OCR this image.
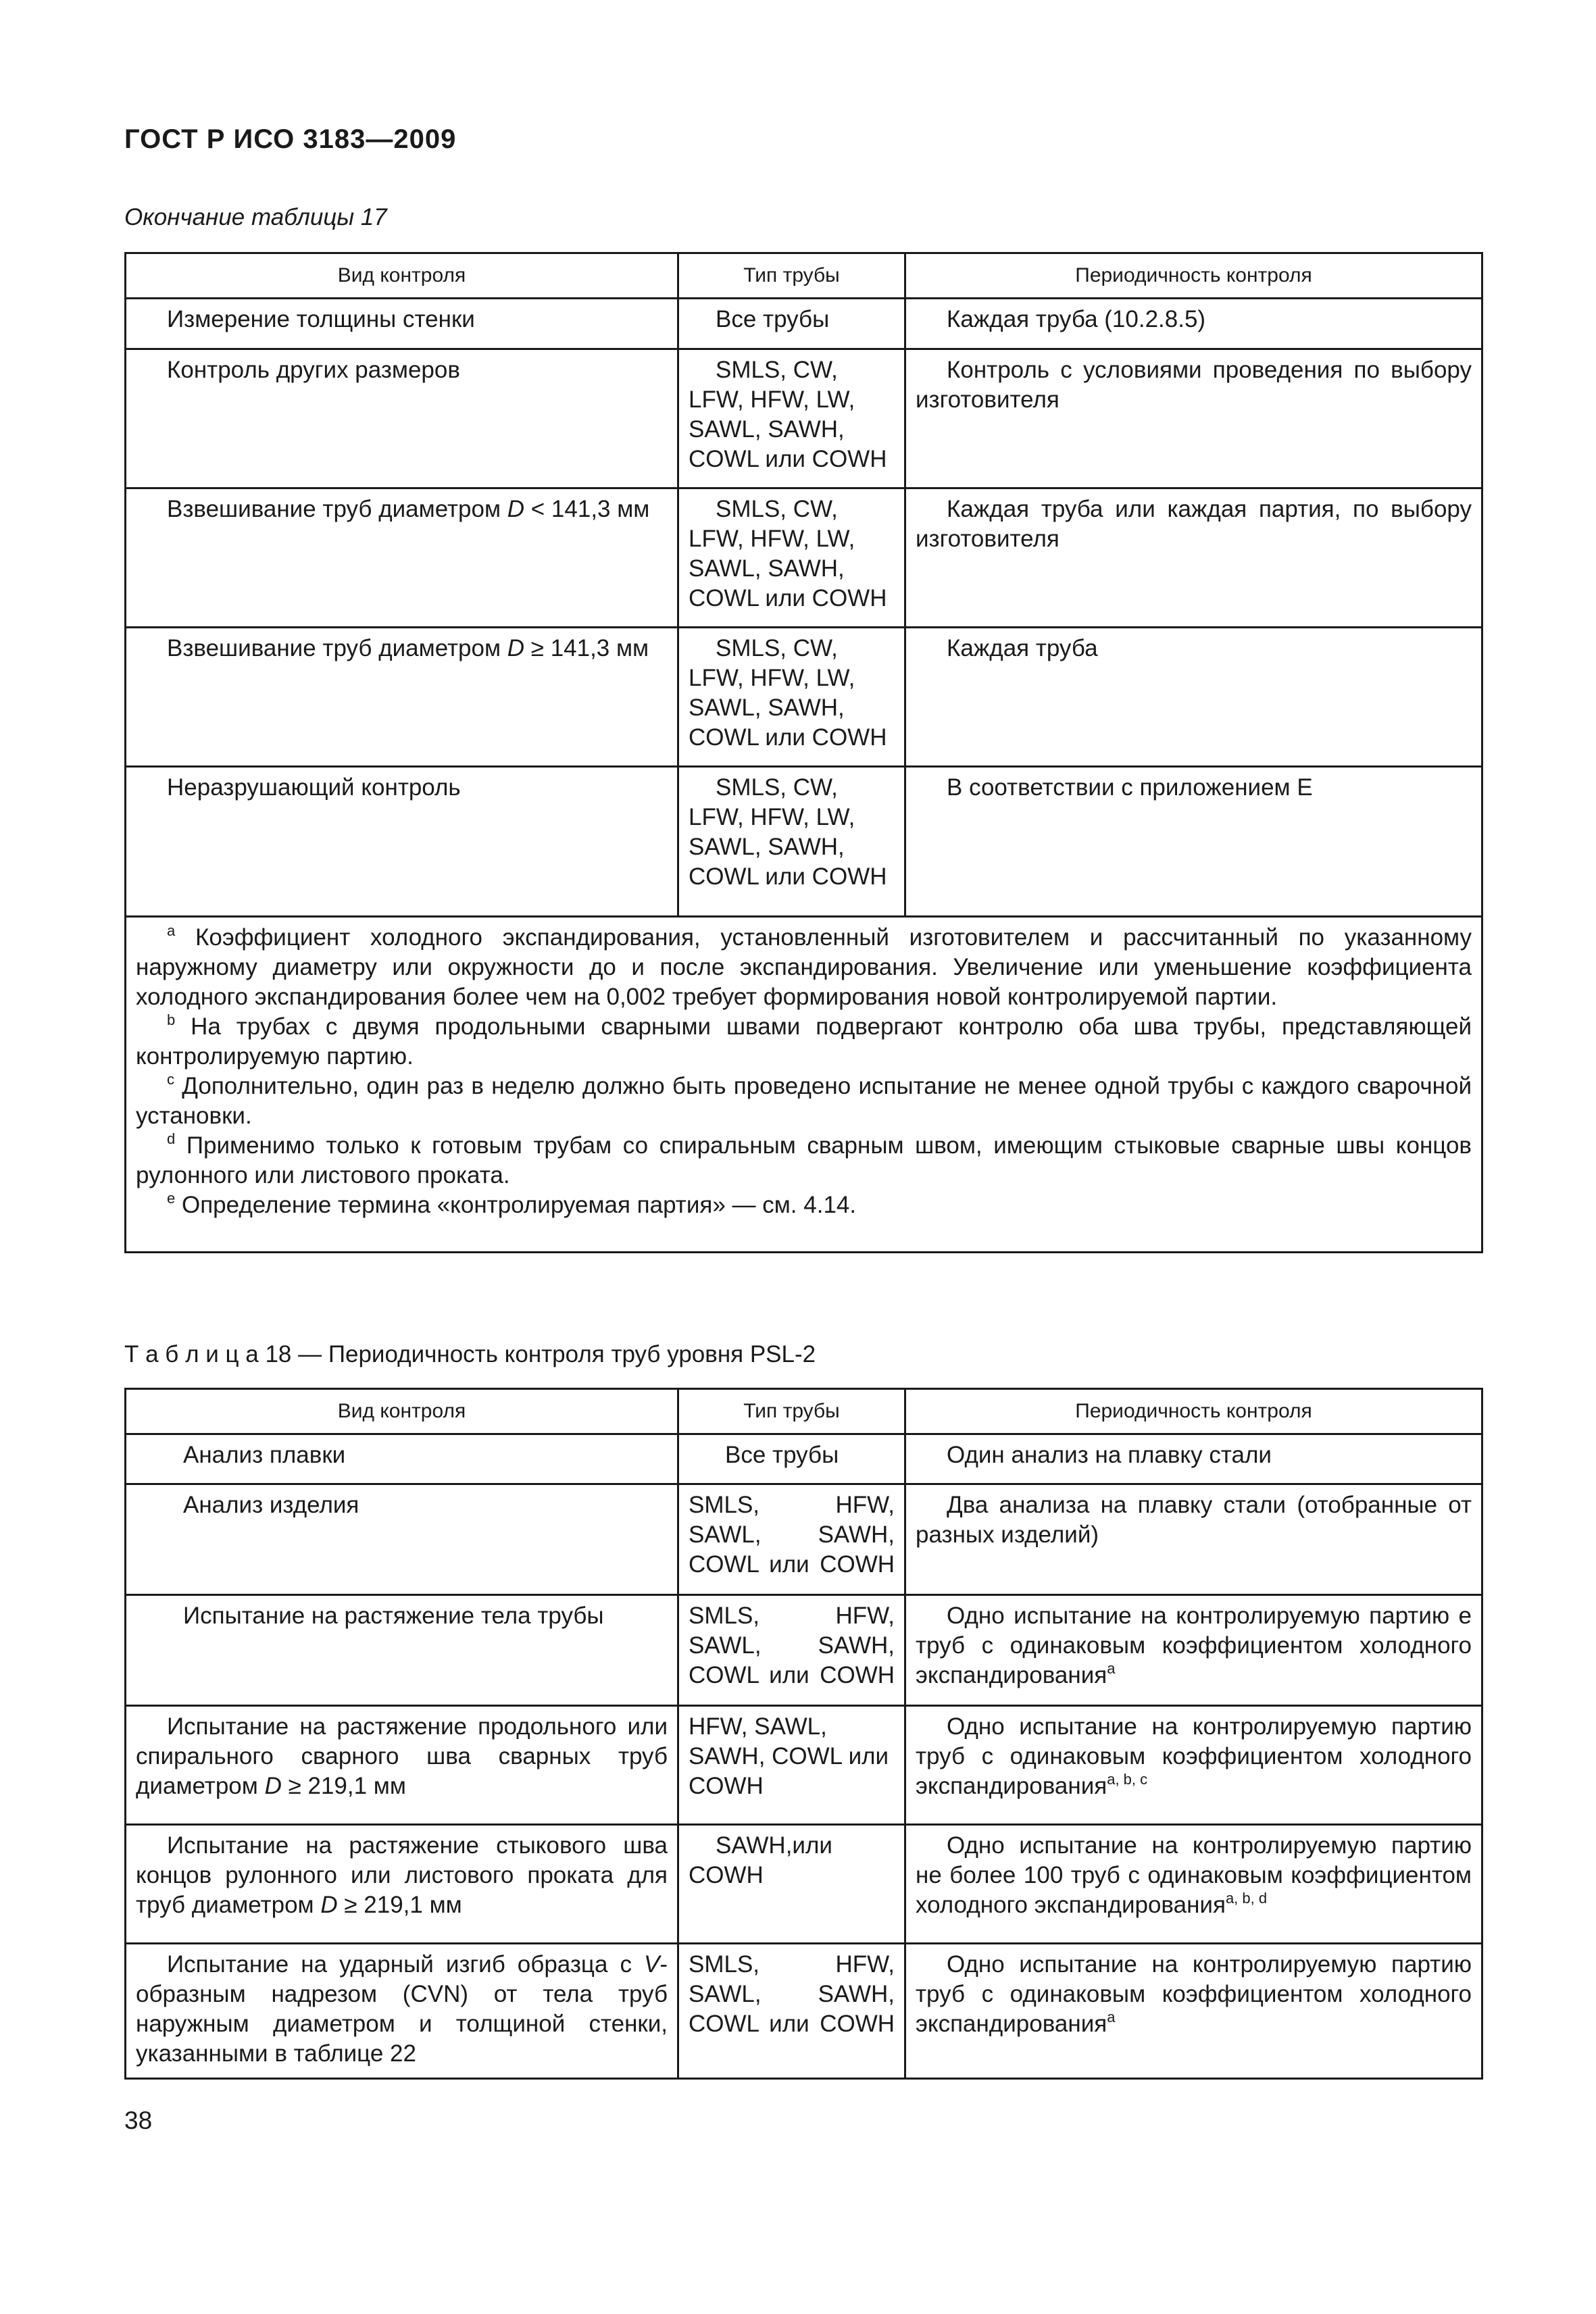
ГОСТ Р ИСО 3183—2009
Окончание таблицы 17
Вид контроля	Тип трубы	Периодичность контроля
Измерение толщины стенки	Все трубы	Каждая труба (10.2.8.5)
Контроль других размеров	SMLS, CW, LFW, HFW, LW, SAWL, SAWH, COWL или COWH	Контроль с условиями проведения по выбору изготовителя
Взвешивание труб диаметром D < 141,3 мм	SMLS, CW, LFW, HFW, LW, SAWL, SAWH, COWL или COWH	Каждая труба или каждая партия, по выбору изготовителя
Взвешивание труб диаметром D ≥ 141,3 мм	SMLS, CW, LFW, HFW, LW, SAWL, SAWH, COWL или COWH	Каждая труба
Неразрушающий контроль	SMLS, CW, LFW, HFW, LW, SAWL, SAWH, COWL или COWH	В соответствии с приложением E

$^a$ Коэффициент холодного экспандирования, установленный изготовителем и рассчитанный по указанному наружному диаметру или окружности до и после экспандирования. Увеличение или уменьшение коэффициента холодного экспандирования более чем на 0,002 требует формирования новой контролируемой партии.

$^b$ На трубах с двумя продольными сварными швами подвергают контролю оба шва трубы, представляющей контролируемую партию.

$^c$ Дополнительно, один раз в неделю должно быть проведено испытание не менее одной трубы с каждого сварочной установки.

$^d$ Применимо только к готовым трубам со спиральным сварным швом, имеющим стыковые сварные швы концов рулонного или листового проката.

$^e$ Определение термина «контролируемая партия» — см. 4.14.		

Т а б л и ц а 18 — Периодичность контроля труб уровня PSL-2
Вид контроля	Тип трубы	Периодичность контроля
Анализ плавки	Все трубы	Один анализ на плавку стали
Анализ изделия	SMLS, HFW, SAWL, SAWH, COWL или COWH	Два анализа на плавку стали (отобранные от разных изделий)
Испытание на растяжение тела трубы	SMLS, HFW, SAWL, SAWH, COWL или COWH	Одно испытание на контролируемую партию e труб с одинаковым коэффициентом холодного экспандирования$^a$
Испытание на растяжение продольного или спирального сварного шва сварных труб диаметром D ≥ 219,1 мм	HFW, SAWL, SAWH, COWL или COWH	Одно испытание на контролируемую партию труб с одинаковым коэффициентом холодного экспандирования$^{a, b, c}$
Испытание на растяжение стыкового шва концов рулонного или листового проката для труб диаметром D ≥ 219,1 мм	SAWH,или COWH	Одно испытание на контролируемую партию не более 100 труб с одинаковым коэффициентом холодного экспандирования$^{a, b, d}$
Испытание на ударный изгиб образца с V-образным надрезом (CVN) от тела труб наружным диаметром и толщиной стенки, указанными в таблице 22	SMLS, HFW, SAWL, SAWH, COWL или COWH	Одно испытание на контролируемую партию труб с одинаковым коэффициентом холодного экспандирования$^a$
38
